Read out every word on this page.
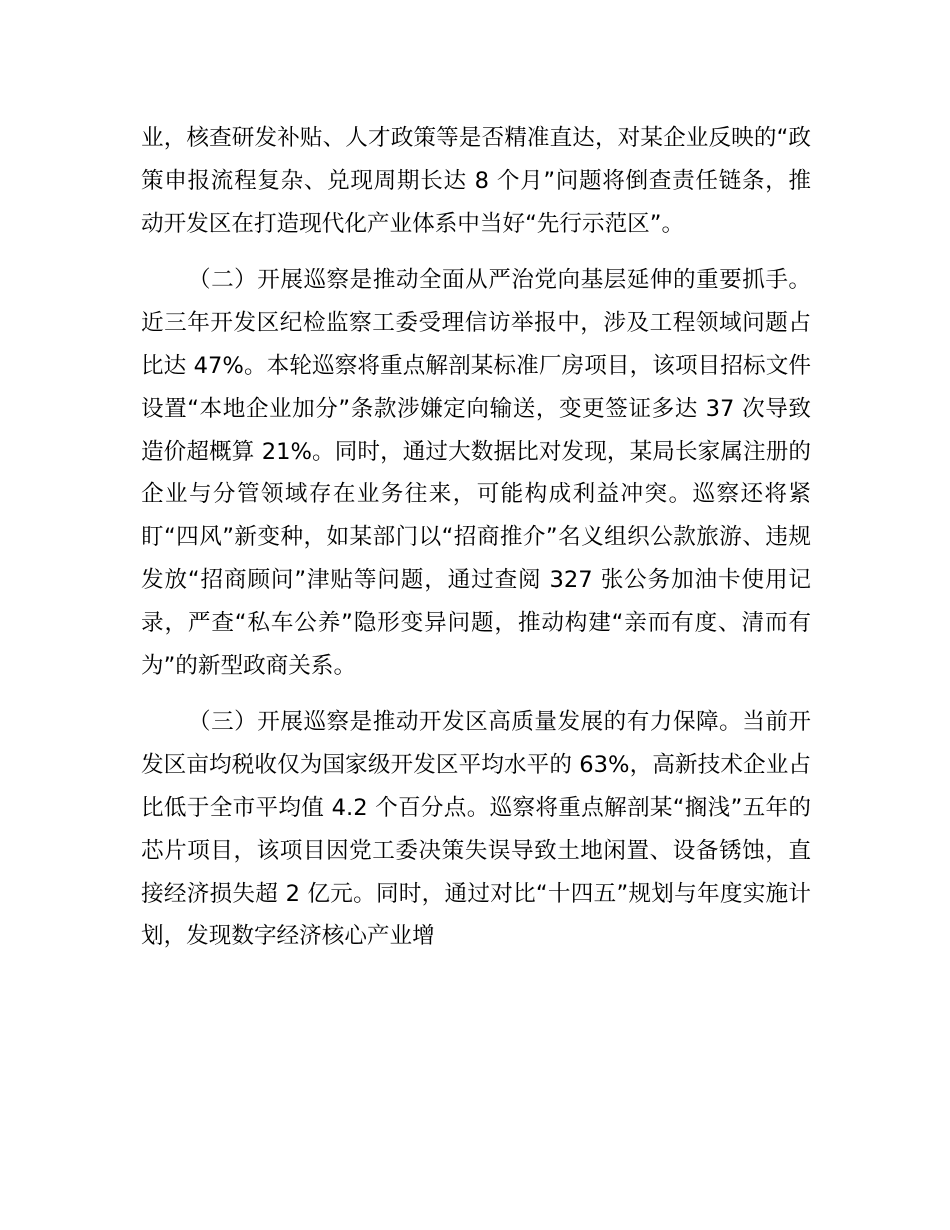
业，核查研发补贴、人才政策等是否精准直达，对某企业反映的“政策申报流程复杂、兑现周期长达 8 个月”问题将倒查责任链条，推动开发区在打造现代化产业体系中当好“先行示范区”。

（二）开展巡察是推动全面从严治党向基层延伸的重要抓手。近三年开发区纪检监察工委受理信访举报中，涉及工程领域问题占比达 47%。本轮巡察将重点解剖某标准厂房项目，该项目招标文件设置“本地企业加分”条款涉嫌定向输送，变更签证多达 37 次导致造价超概算 21%。同时，通过大数据比对发现，某局长家属注册的企业与分管领域存在业务往来，可能构成利益冲突。巡察还将紧盯“四风”新变种，如某部门以“招商推介”名义组织公款旅游、违规发放“招商顾问”津贴等问题，通过查阅 327 张公务加油卡使用记录，严查“私车公养”隐形变异问题，推动构建“亲而有度、清而有为”的新型政商关系。

（三）开展巡察是推动开发区高质量发展的有力保障。当前开发区亩均税收仅为国家级开发区平均水平的 63%，高新技术企业占比低于全市平均值 4.2 个百分点。巡察将重点解剖某“搁浅”五年的芯片项目，该项目因党工委决策失误导致土地闲置、设备锈蚀，直接经济损失超 2 亿元。同时，通过对比“十四五”规划与年度实施计划，发现数字经济核心产业增
